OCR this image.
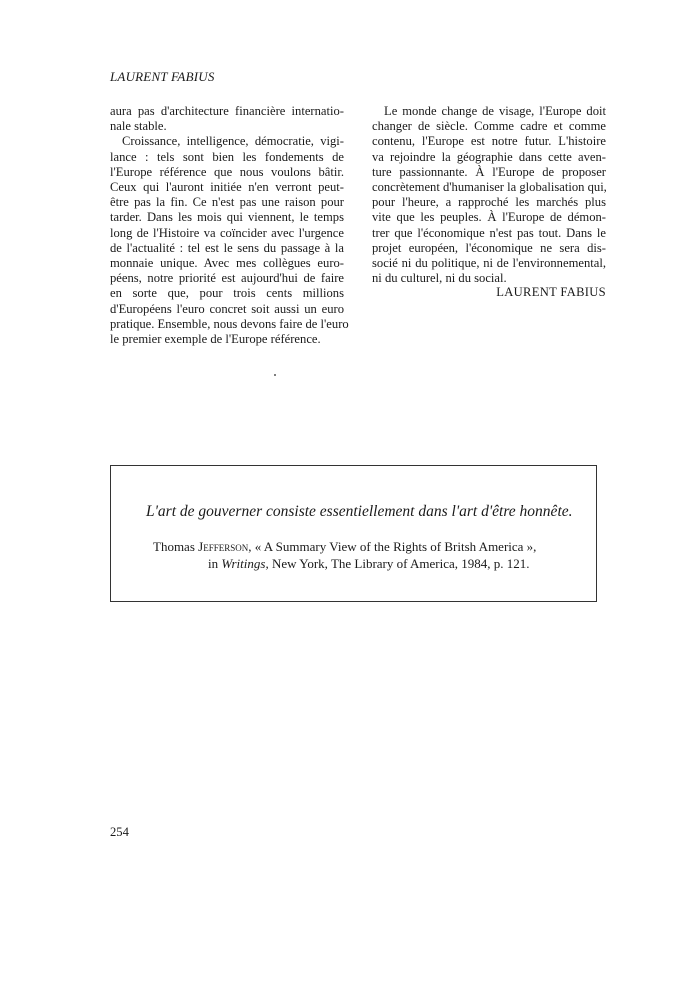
LAURENT FABIUS
aura pas d'architecture financière internatio-
nale stable.
Croissance, intelligence, démocratie, vigi-
lance : tels sont bien les fondements de
l'Europe référence que nous voulons bâtir.
Ceux qui l'auront initiée n'en verront peut-
être pas la fin. Ce n'est pas une raison pour
tarder. Dans les mois qui viennent, le temps
long de l'Histoire va coïncider avec l'urgence
de l'actualité : tel est le sens du passage à la
monnaie unique. Avec mes collègues euro-
péens, notre priorité est aujourd'hui de faire
en sorte que, pour trois cents millions
d'Européens l'euro concret soit aussi un euro
pratique. Ensemble, nous devons faire de l'euro
le premier exemple de l'Europe référence.
Le monde change de visage, l'Europe doit
changer de siècle. Comme cadre et comme
contenu, l'Europe est notre futur. L'histoire
va rejoindre la géographie dans cette aven-
ture passionnante. À l'Europe de proposer
concrètement d'humaniser la globalisation qui,
pour l'heure, a rapproché les marchés plus
vite que les peuples. À l'Europe de démon-
trer que l'économique n'est pas tout. Dans le
projet européen, l'économique ne sera dis-
socié ni du politique, ni de l'environnemental,
ni du culturel, ni du social.
LAURENT FABIUS
L'art de gouverner consiste essentiellement dans l'art d'être honnête.
Thomas Jefferson, « A Summary View of the Rights of Britsh America »,
in Writings, New York, The Library of America, 1984, p. 121.
254
